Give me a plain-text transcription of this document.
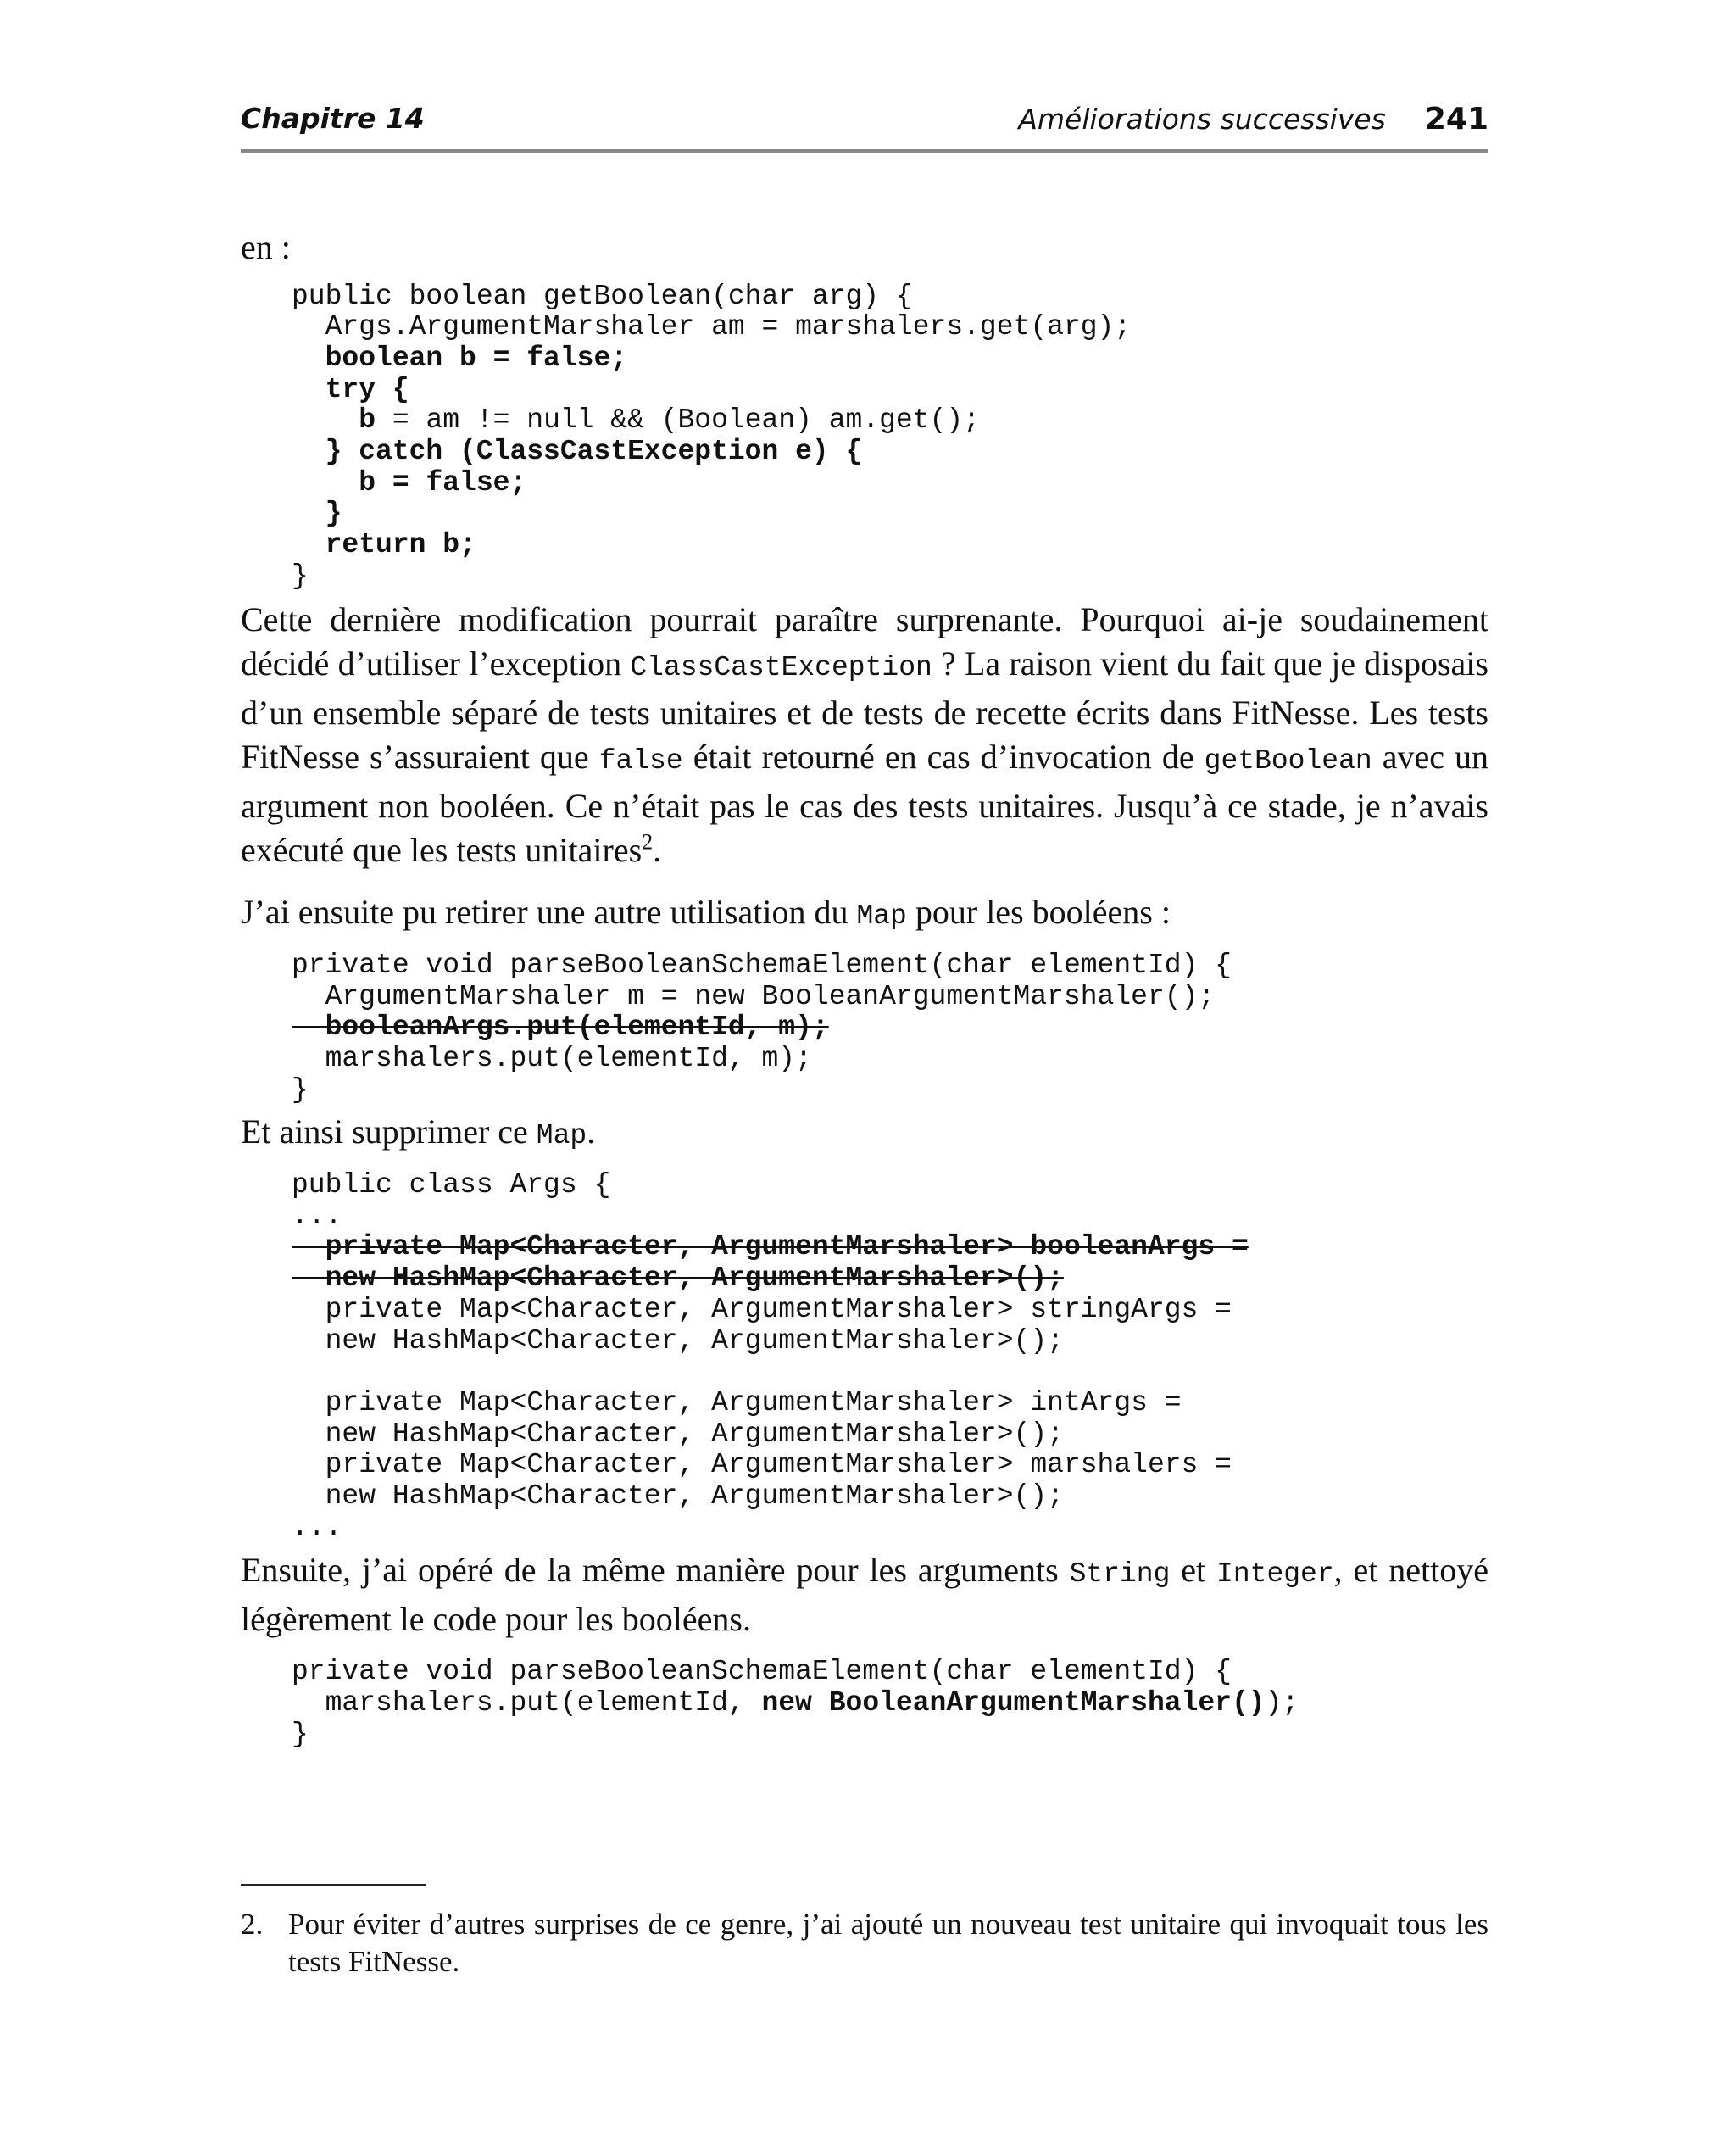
Chapitre 14	Améliorations successives 241

en :

public boolean getBoolean(char arg) {
Args.ArgumentMarshaler am = marshalers.get(arg);
boolean b = false;
try {
b = am != null && (Boolean) am.get();
} catch (ClassCastException e) {
b = false;
}
return b;
}

Cette dernière modification pourrait paraître surprenante. Pourquoi ai-je soudainement décidé d’utiliser l’exception ClassCastException ? La raison vient du fait que je disposais d’un ensemble séparé de tests unitaires et de tests de recette écrits dans FitNesse. Les tests FitNesse s’assuraient que false était retourné en cas d’invocation de getBoolean avec un argument non booléen. Ce n’était pas le cas des tests unitaires. Jusqu’à ce stade, je n’avais exécuté que les tests unitaires$^2$.

J’ai ensuite pu retirer une autre utilisation du Map pour les booléens :

private void parseBooleanSchemaElement(char elementId) {
ArgumentMarshaler m = new BooleanArgumentMarshaler();
booleanArgs.put(elementId, m);
marshalers.put(elementId, m);
}

Et ainsi supprimer ce Map.

public class Args {
...
private Map<Character, ArgumentMarshaler> booleanArgs =
new HashMap<Character, ArgumentMarshaler>();
private Map<Character, ArgumentMarshaler> stringArgs =
new HashMap<Character, ArgumentMarshaler>();

private Map<Character, ArgumentMarshaler> intArgs =
new HashMap<Character, ArgumentMarshaler>();
private Map<Character, ArgumentMarshaler> marshalers =
new HashMap<Character, ArgumentMarshaler>();
...

Ensuite, j’ai opéré de la même manière pour les arguments String et Integer, et nettoyé légèrement le code pour les booléens.

private void parseBooleanSchemaElement(char elementId) {
marshalers.put(elementId, new BooleanArgumentMarshaler());
}
2. Pour éviter d’autres surprises de ce genre, j’ai ajouté un nouveau test unitaire qui invoquait tous les tests FitNesse.
